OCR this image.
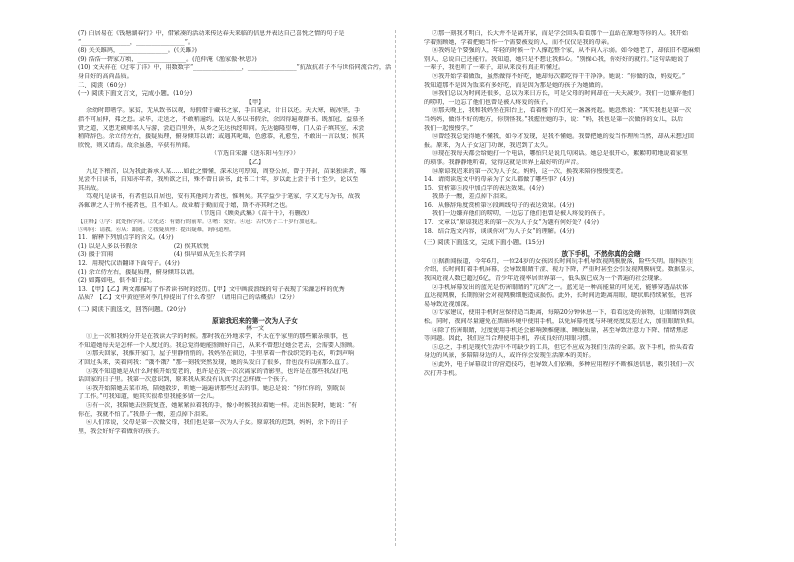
(7) 白居易在《钱塘湖春行》中，借紧凑的活动来传达春天来临的信息并表达自己喜悦之情的句子是
“________________，________________”。
(8) 关关雎鸠，________________。(《关雎》)
(9) 浩浩一碧家万顷，________________。(范仲淹《渔家傲·秋思》)
(10) 文天祥在《过零丁洋》中，用数数字“________________，________________”抗敌抗君子不与世俗同流合污，活
身自好的高尚品质。
二、阅读（60分）
(一) 阅读下面文言文，完成小题。(10分)
【甲】
余幼时即嗜学。家贫，无从致书以观，每假借于藏书之家，手自笔录，计日以还。天大寒，砚冰坚，手
指不可屈伸，弗之怠。录毕，走送之，不敢稍逾约。以是人多以书假余，余因得遍观群书。既加冠，益慕圣
贤之道，又患无硕师名人与游，尝趋百里外，从乡之先达执经叩问。先达德隆望尊，门人弟子填其室，未尝
稍降辞色。余立侍左右，援疑质理，俯身倾耳以请；或遇其叱咄，色愈恭，礼愈至，不敢出一言以复；俟其
欣悦，则又请焉。故余虽愚，卒获有所闻。
（节选自宋濂《送东阳马生序》）
【乙】
九足下稽首，以为我此番承人某……如此之懵懂，深未达可厚知，周登公居，曾于开封，苗果独读者，唯
见尝不日读书，自知亦年者，我所欲之日，殊不曾日读书，此书二十年，岁以此上尝于书十至少，论以至
其出故。
笃观凡是读书，有者但以自居也，安有其他问力者也，惟利矣。其学益少于笔家，学又无与为书，故我
各辄谬之人于所不能者也，且不如人。故业精于勤而荒于嬉，斯不亦其时之也。
（节选自《顾炎武集》《苗千千》，有删改）
【注释】①学：此处指学问。②先达：有德行的前辈。③嗜：爱好。④冠：古代男子二十岁行加冠礼。
⑤叩问：请教。⑥从：跟随。⑦援疑质理：提出疑难，询问道理。
11．解释下列加点字的含义。(4分)
(1) 以是人多以书假余　　　　　　(2) 俟其欣悦
(3) 援于宫闱　　　　　　　　　　(4) 惧早如从先生长者学问
12．用现代汉语翻译下面句子。(4分)
(1) 余立侍左右，援疑质理，俯身倾耳以请。
(2) 如露如电，俱不如于此。
13．【甲】【乙】两文都描写了作者读书时的经历。【甲】文中画波浪线的句子表现了宋濂怎样的优秀
品质？【乙】文中黄庭坚对李几仲提出了什么希望？（请用自己的话概括）（2分）
(二) 阅读下面选文，回答问题。(20分)
原谅我迟来的第一次为人子女
林一文
①上一次和我妈分开是在我读大学的时候。那时我在外地求学，不太在乎家里的那些繁杂琐事，也
不知道她每天是怎样一个人度过的。我总觉得她能照顾好自己，从来不曾想过她会老去，会需要人照顾。
②那天回家，我推开家门，屋子里静悄悄的。我妈坐在窗边，手里拿着一件没织完的毛衣，听到声响
才回过头来，笑着问我：“饿不饿？”那一刻我突然发现，她的头发白了很多，背也没有以前那么直了。
③我不知道她是从什么时候开始变老的，也许是在我一次次离家的背影里，也许是在那些我没打电
话回家的日子里。我第一次意识到，原来我从来没有认真学过怎样做一个孩子。
④我开始陪她去菜市场，陪她散步，听她一遍遍讲那些过去的事。她总是说：“你忙你的，别耽误
了工作。”可我知道，她其实很希望我能多留一会儿。
⑤有一次，我陪她去医院复查，她紧紧拉着我的手，像小时候我拉着她一样。走出医院时，她说：“有
你在，我就不怕了。”我鼻子一酸，差点掉下泪来。
⑥人们常说，父母是第一次做父母，我们也是第一次为人子女。原谅我的迟到，妈妈，余下的日子
里，我会好好学着做你的孩子。
⑦那一刻我才明白，长大并不是离开家，而是学会回头看看那个一直站在原地等你的人。我开始
学着照顾她，学着把她当作一个需要被爱的人，而不仅仅是我的母亲。
⑧我妈是个要强的人，年轻的时候一个人撑起整个家，从不向人示弱。如今她老了，却依旧不愿麻烦
别人，总说自己还能行。我知道，她只是不想让我担心。“别操心我，你好好的就行。”这句话她说了
一辈子，我也听了一辈子，却从来没有真正听懂过。
⑨我开始学着做饭，虽然做得不好吃，她却每次都吃得干干净净。她说：“你做的饭，妈爱吃。”
我知道那不是因为饭菜有多好吃，而是因为那是她的孩子为她做的。
⑩我们总以为时间还很多，总以为来日方长，可是父母的时间却在一天天减少。我们一边嫌弃他们
的唠叨，一边忘了他们也曾是被人疼爱的孩子。
⑪那天晚上，我和我妈坐在阳台上，看着楼下的灯光一盏盏亮起。她忽然说：“其实我也是第一次
当妈妈，做得不好的地方，你别怪我。”我握住她的手，说：“妈，我也是第一次做你的女儿，以后
我们一起慢慢学。”
⑫曾经我总觉得她不懂我，如今才发现，是我不懂她。我曾把她的爱当作理所当然，却从未想过回
报。原来，为人子女这门功课，我迟到了太久。
⑬现在我每天都会给她打一个电话，哪怕只是说几句闲话。她总是很开心，絮絮叨叨地说着家里
的琐事。我静静地听着，觉得这就是世界上最好听的声音。
⑭原谅我迟来的第一次为人子女。妈妈，这一次，换我来陪你慢慢变老。
14．请阅读选文中的母亲为了女儿都做了哪些事？(4分)
15．赏析第⑤段中加点字的表达效果。(4分)
我鼻子一酸，差点掉下泪来。
16．从修辞角度赏析第⑨段画线句子的表达效果。(4分)
我们一边嫌弃他们的唠叨，一边忘了他们也曾是被人疼爱的孩子。
17．文章以“原谅我迟来的第一次为人子女”为题有何好处？(4分)
18．结合选文内容，谈谈你对“为人子女”的理解。(4分)
(三) 阅读下面选文，完成下面小题。(15分)
放下手机，不然你真的会瞎
①据新闻报道，今年6月，一位24岁的女孩因长时间玩手机导致视网膜脱落，险些失明。眼科医生
介绍，长时间盯着手机屏幕，会导致眼睛干涩、视力下降，严重时甚至会引发视网膜病变。数据显示，
我国近视人数已超过6亿，青少年近视率居世界第一，低头族已成为一个普遍的社会现象。
②手机屏幕发出的蓝光是伤害眼睛的“元凶”之一。蓝光是一种高能量的可见光，能够穿透晶状体
直达视网膜，长期照射会对视网膜细胞造成损伤。此外，长时间近距离用眼，睫状肌持续紧张，也容
易导致近视加深。
③专家建议，使用手机时应保持适当距离，每隔20分钟休息一下，看看远处的景物，让眼睛得到放
松。同时，夜间尽量避免在黑暗环境中使用手机，以免屏幕亮度与环境亮度反差过大，加重眼睛负担。
④除了伤害眼睛，过度使用手机还会影响颈椎健康、睡眠质量，甚至导致注意力下降、情绪焦虑
等问题。因此，我们应当合理使用手机，养成良好的用眼习惯。
⑤总之，手机是现代生活中不可缺少的工具，但它不应成为我们生活的全部。放下手机，抬头看看
身边的风景，多陪陪身边的人，或许你会发现生活原本的美好。
⑥此外，电子屏幕设计的营造技巧，也导致人们依赖，多种应用程序不断推送信息，吸引我们一次
次打开手机。
